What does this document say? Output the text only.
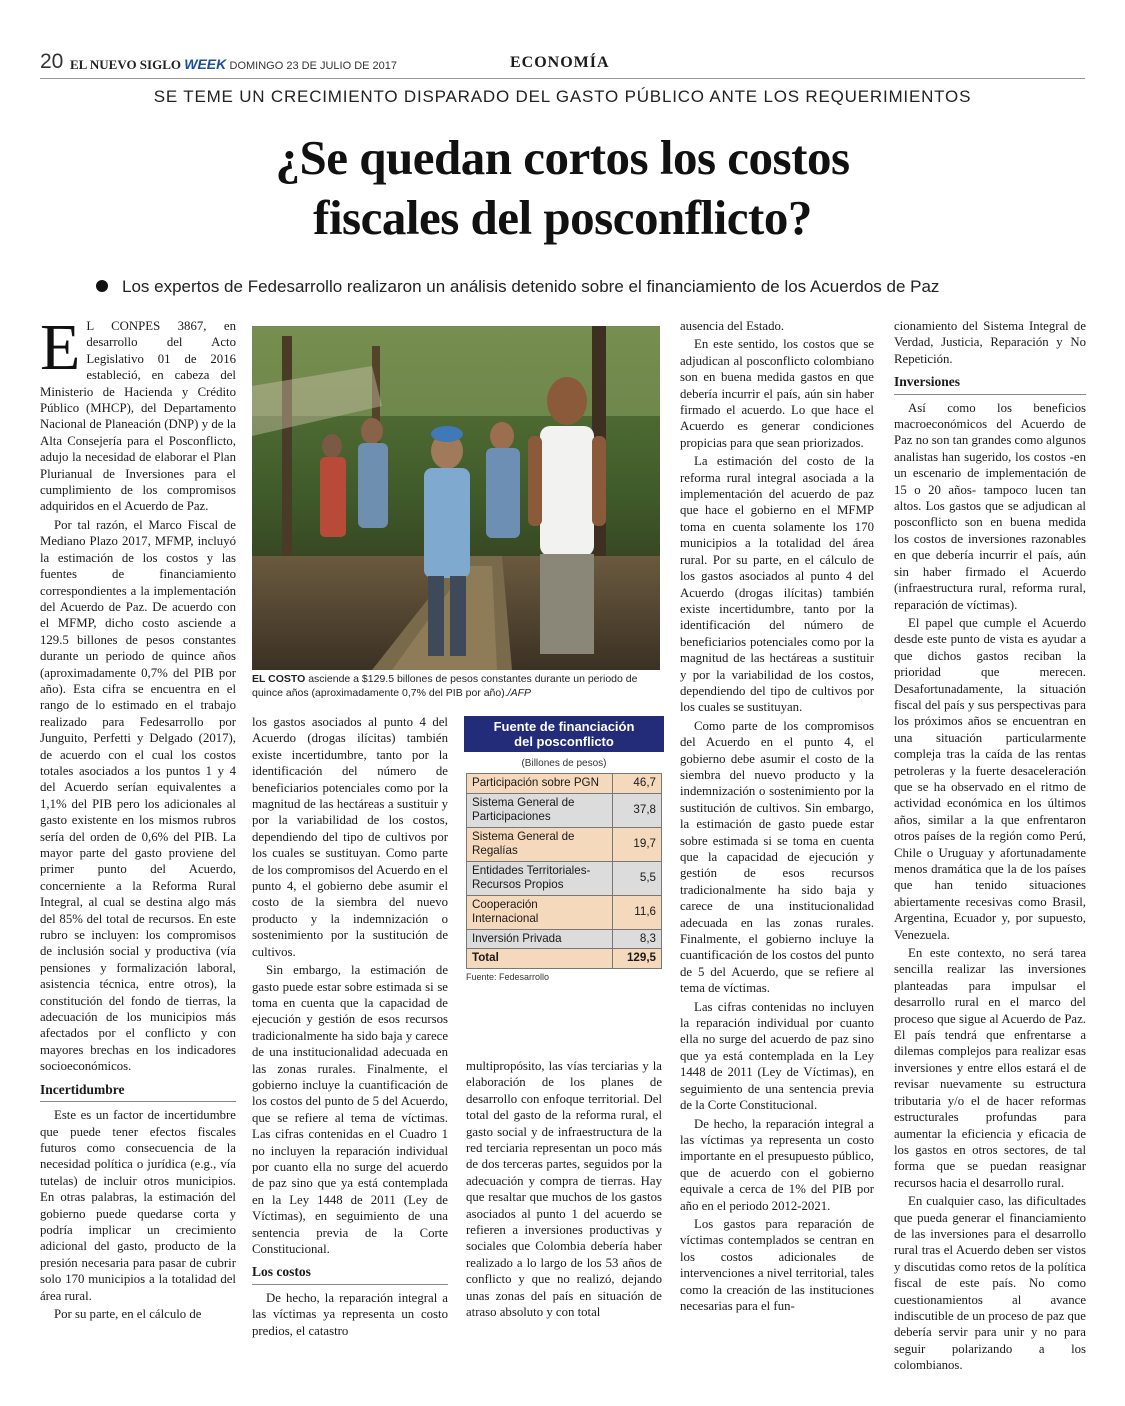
20 EL NUEVO SIGLO WEEK DOMINGO 23 DE JULIO DE 2017	ECONOMÍA
SE TEME UN CRECIMIENTO DISPARADO DEL GASTO PÚBLICO ANTE LOS REQUERIMIENTOS
¿Se quedan cortos los costos
fiscales del posconflicto?
Los expertos de Fedesarrollo realizaron un análisis detenido sobre el financiamiento de los Acuerdos de Paz

E L CONPES 3867, en desarrollo del Acto Legislativo 01 de 2016 estableció, en cabeza del Ministerio de Hacienda y Crédito Público (MHCP), del Departamento Nacional de Planeación (DNP) y de la Alta Consejería para el Posconflicto, adujo la necesidad de elaborar el Plan Plurianual de Inversiones para el cumplimiento de los compromisos adquiridos en el Acuerdo de Paz.

Por tal razón, el Marco Fiscal de Mediano Plazo 2017, MFMP, incluyó la estimación de los costos y las fuentes de financiamiento correspondientes a la implementación del Acuerdo de Paz. De acuerdo con el MFMP, dicho costo asciende a 129.5 billones de pesos constantes durante un periodo de quince años (aproximadamente 0,7% del PIB por año). Esta cifra se encuentra en el rango de lo estimado en el trabajo realizado para Fedesarrollo por Junguito, Perfetti y Delgado (2017), de acuerdo con el cual los costos totales asociados a los puntos 1 y 4 del Acuerdo serían equivalentes a 1,1% del PIB pero los adicionales al gasto existente en los mismos rubros sería del orden de 0,6% del PIB. La mayor parte del gasto proviene del primer punto del Acuerdo, concerniente a la Reforma Rural Integral, al cual se destina algo más del 85% del total de recursos. En este rubro se incluyen: los compromisos de inclusión social y productiva (vía pensiones y formalización laboral, asistencia técnica, entre otros), la constitución del fondo de tierras, la adecuación de los municipios más afectados por el conflicto y con mayores brechas en los indicadores socioeconómicos.

Incertidumbre

Este es un factor de incertidumbre que puede tener efectos fiscales futuros como consecuencia de la necesidad política o jurídica (e.g., vía tutelas) de incluir otros municipios. En otras palabras, la estimación del gobierno puede quedarse corta y podría implicar un crecimiento adicional del gasto, producto de la presión necesaria para pasar de cubrir solo 170 municipios a la totalidad del área rural.

Por su parte, en el cálculo de

EL COSTO asciende a $129.5 billones de pesos constantes durante un periodo de quince años (aproximadamente 0,7% del PIB por año)./AFP

los gastos asociados al punto 4 del Acuerdo (drogas ilícitas) también existe incertidumbre, tanto por la identificación del número de beneficiarios potenciales como por la magnitud de las hectáreas a sustituir y por la variabilidad de los costos, dependiendo del tipo de cultivos por los cuales se sustituyan. Como parte de los compromisos del Acuerdo en el punto 4, el gobierno debe asumir el costo de la siembra del nuevo producto y la indemnización o sostenimiento por la sustitución de cultivos.

Sin embargo, la estimación de gasto puede estar sobre estimada si se toma en cuenta que la capacidad de ejecución y gestión de esos recursos tradicionalmente ha sido baja y carece de una institucionalidad adecuada en las zonas rurales. Finalmente, el gobierno incluye la cuantificación de los costos del punto de 5 del Acuerdo, que se refiere al tema de víctimas. Las cifras contenidas en el Cuadro 1 no incluyen la reparación individual por cuanto ella no surge del acuerdo de paz sino que ya está contemplada en la Ley 1448 de 2011 (Ley de Víctimas), en seguimiento de una sentencia previa de la Corte Constitucional.

Los costos

De hecho, la reparación integral a las víctimas ya representa un costo predios, el catastro

Fuente de financiación
del posconflicto
(Billones de pesos)
Participación sobre PGN	46,7
Sistema General de Participaciones	37,8
Sistema General de Regalías	19,7
Entidades Territoriales-Recursos Propios	5,5
Cooperación Internacional	11,6
Inversión Privada	8,3
Total	129,5
Fuente: Fedesarrollo

multipropósito, las vías terciarias y la elaboración de los planes de desarrollo con enfoque territorial. Del total del gasto de la reforma rural, el gasto social y de infraestructura de la red terciaria representan un poco más de dos terceras partes, seguidos por la adecuación y compra de tierras. Hay que resaltar que muchos de los gastos asociados al punto 1 del acuerdo se refieren a inversiones productivas y sociales que Colombia debería haber realizado a lo largo de los 53 años de conflicto y que no realizó, dejando unas zonas del país en situación de atraso absoluto y con total

ausencia del Estado.

En este sentido, los costos que se adjudican al posconflicto colombiano son en buena medida gastos en que debería incurrir el país, aún sin haber firmado el acuerdo. Lo que hace el Acuerdo es generar condiciones propicias para que sean priorizados.

La estimación del costo de la reforma rural integral asociada a la implementación del acuerdo de paz que hace el gobierno en el MFMP toma en cuenta solamente los 170 municipios a la totalidad del área rural. Por su parte, en el cálculo de los gastos asociados al punto 4 del Acuerdo (drogas ilícitas) también existe incertidumbre, tanto por la identificación del número de beneficiarios potenciales como por la magnitud de las hectáreas a sustituir y por la variabilidad de los costos, dependiendo del tipo de cultivos por los cuales se sustituyan.

Como parte de los compromisos del Acuerdo en el punto 4, el gobierno debe asumir el costo de la siembra del nuevo producto y la indemnización o sostenimiento por la sustitución de cultivos. Sin embargo, la estimación de gasto puede estar sobre estimada si se toma en cuenta que la capacidad de ejecución y gestión de esos recursos tradicionalmente ha sido baja y carece de una institucionalidad adecuada en las zonas rurales. Finalmente, el gobierno incluye la cuantificación de los costos del punto de 5 del Acuerdo, que se refiere al tema de víctimas.

Las cifras contenidas no incluyen la reparación individual por cuanto ella no surge del acuerdo de paz sino que ya está contemplada en la Ley 1448 de 2011 (Ley de Víctimas), en seguimiento de una sentencia previa de la Corte Constitucional.

De hecho, la reparación integral a las víctimas ya representa un costo importante en el presupuesto público, que de acuerdo con el gobierno equivale a cerca de 1% del PIB por año en el periodo 2012-2021.

Los gastos para reparación de víctimas contemplados se centran en los costos adicionales de intervenciones a nivel territorial, tales como la creación de las instituciones necesarias para el fun-

cionamiento del Sistema Integral de Verdad, Justicia, Reparación y No Repetición.

Inversiones

Así como los beneficios macroeconómicos del Acuerdo de Paz no son tan grandes como algunos analistas han sugerido, los costos -en un escenario de implementación de 15 o 20 años- tampoco lucen tan altos. Los gastos que se adjudican al posconflicto son en buena medida los costos de inversiones razonables en que debería incurrir el país, aún sin haber firmado el Acuerdo (infraestructura rural, reforma rural, reparación de víctimas).

El papel que cumple el Acuerdo desde este punto de vista es ayudar a que dichos gastos reciban la prioridad que merecen. Desafortunadamente, la situación fiscal del país y sus perspectivas para los próximos años se encuentran en una situación particularmente compleja tras la caída de las rentas petroleras y la fuerte desaceleración que se ha observado en el ritmo de actividad económica en los últimos años, similar a la que enfrentaron otros países de la región como Perú, Chile o Uruguay y afortunadamente menos dramática que la de los países que han tenido situaciones abiertamente recesivas como Brasil, Argentina, Ecuador y, por supuesto, Venezuela.

En este contexto, no será tarea sencilla realizar las inversiones planteadas para impulsar el desarrollo rural en el marco del proceso que sigue al Acuerdo de Paz. El país tendrá que enfrentarse a dilemas complejos para realizar esas inversiones y entre ellos estará el de revisar nuevamente su estructura tributaria y/o el de hacer reformas estructurales profundas para aumentar la eficiencia y eficacia de los gastos en otros sectores, de tal forma que se puedan reasignar recursos hacia el desarrollo rural.

En cualquier caso, las dificultades que pueda generar el financiamiento de las inversiones para el desarrollo rural tras el Acuerdo deben ser vistos y discutidas como retos de la política fiscal de este país. No como cuestionamientos al avance indiscutible de un proceso de paz que debería servir para unir y no para seguir polarizando a los colombianos.
